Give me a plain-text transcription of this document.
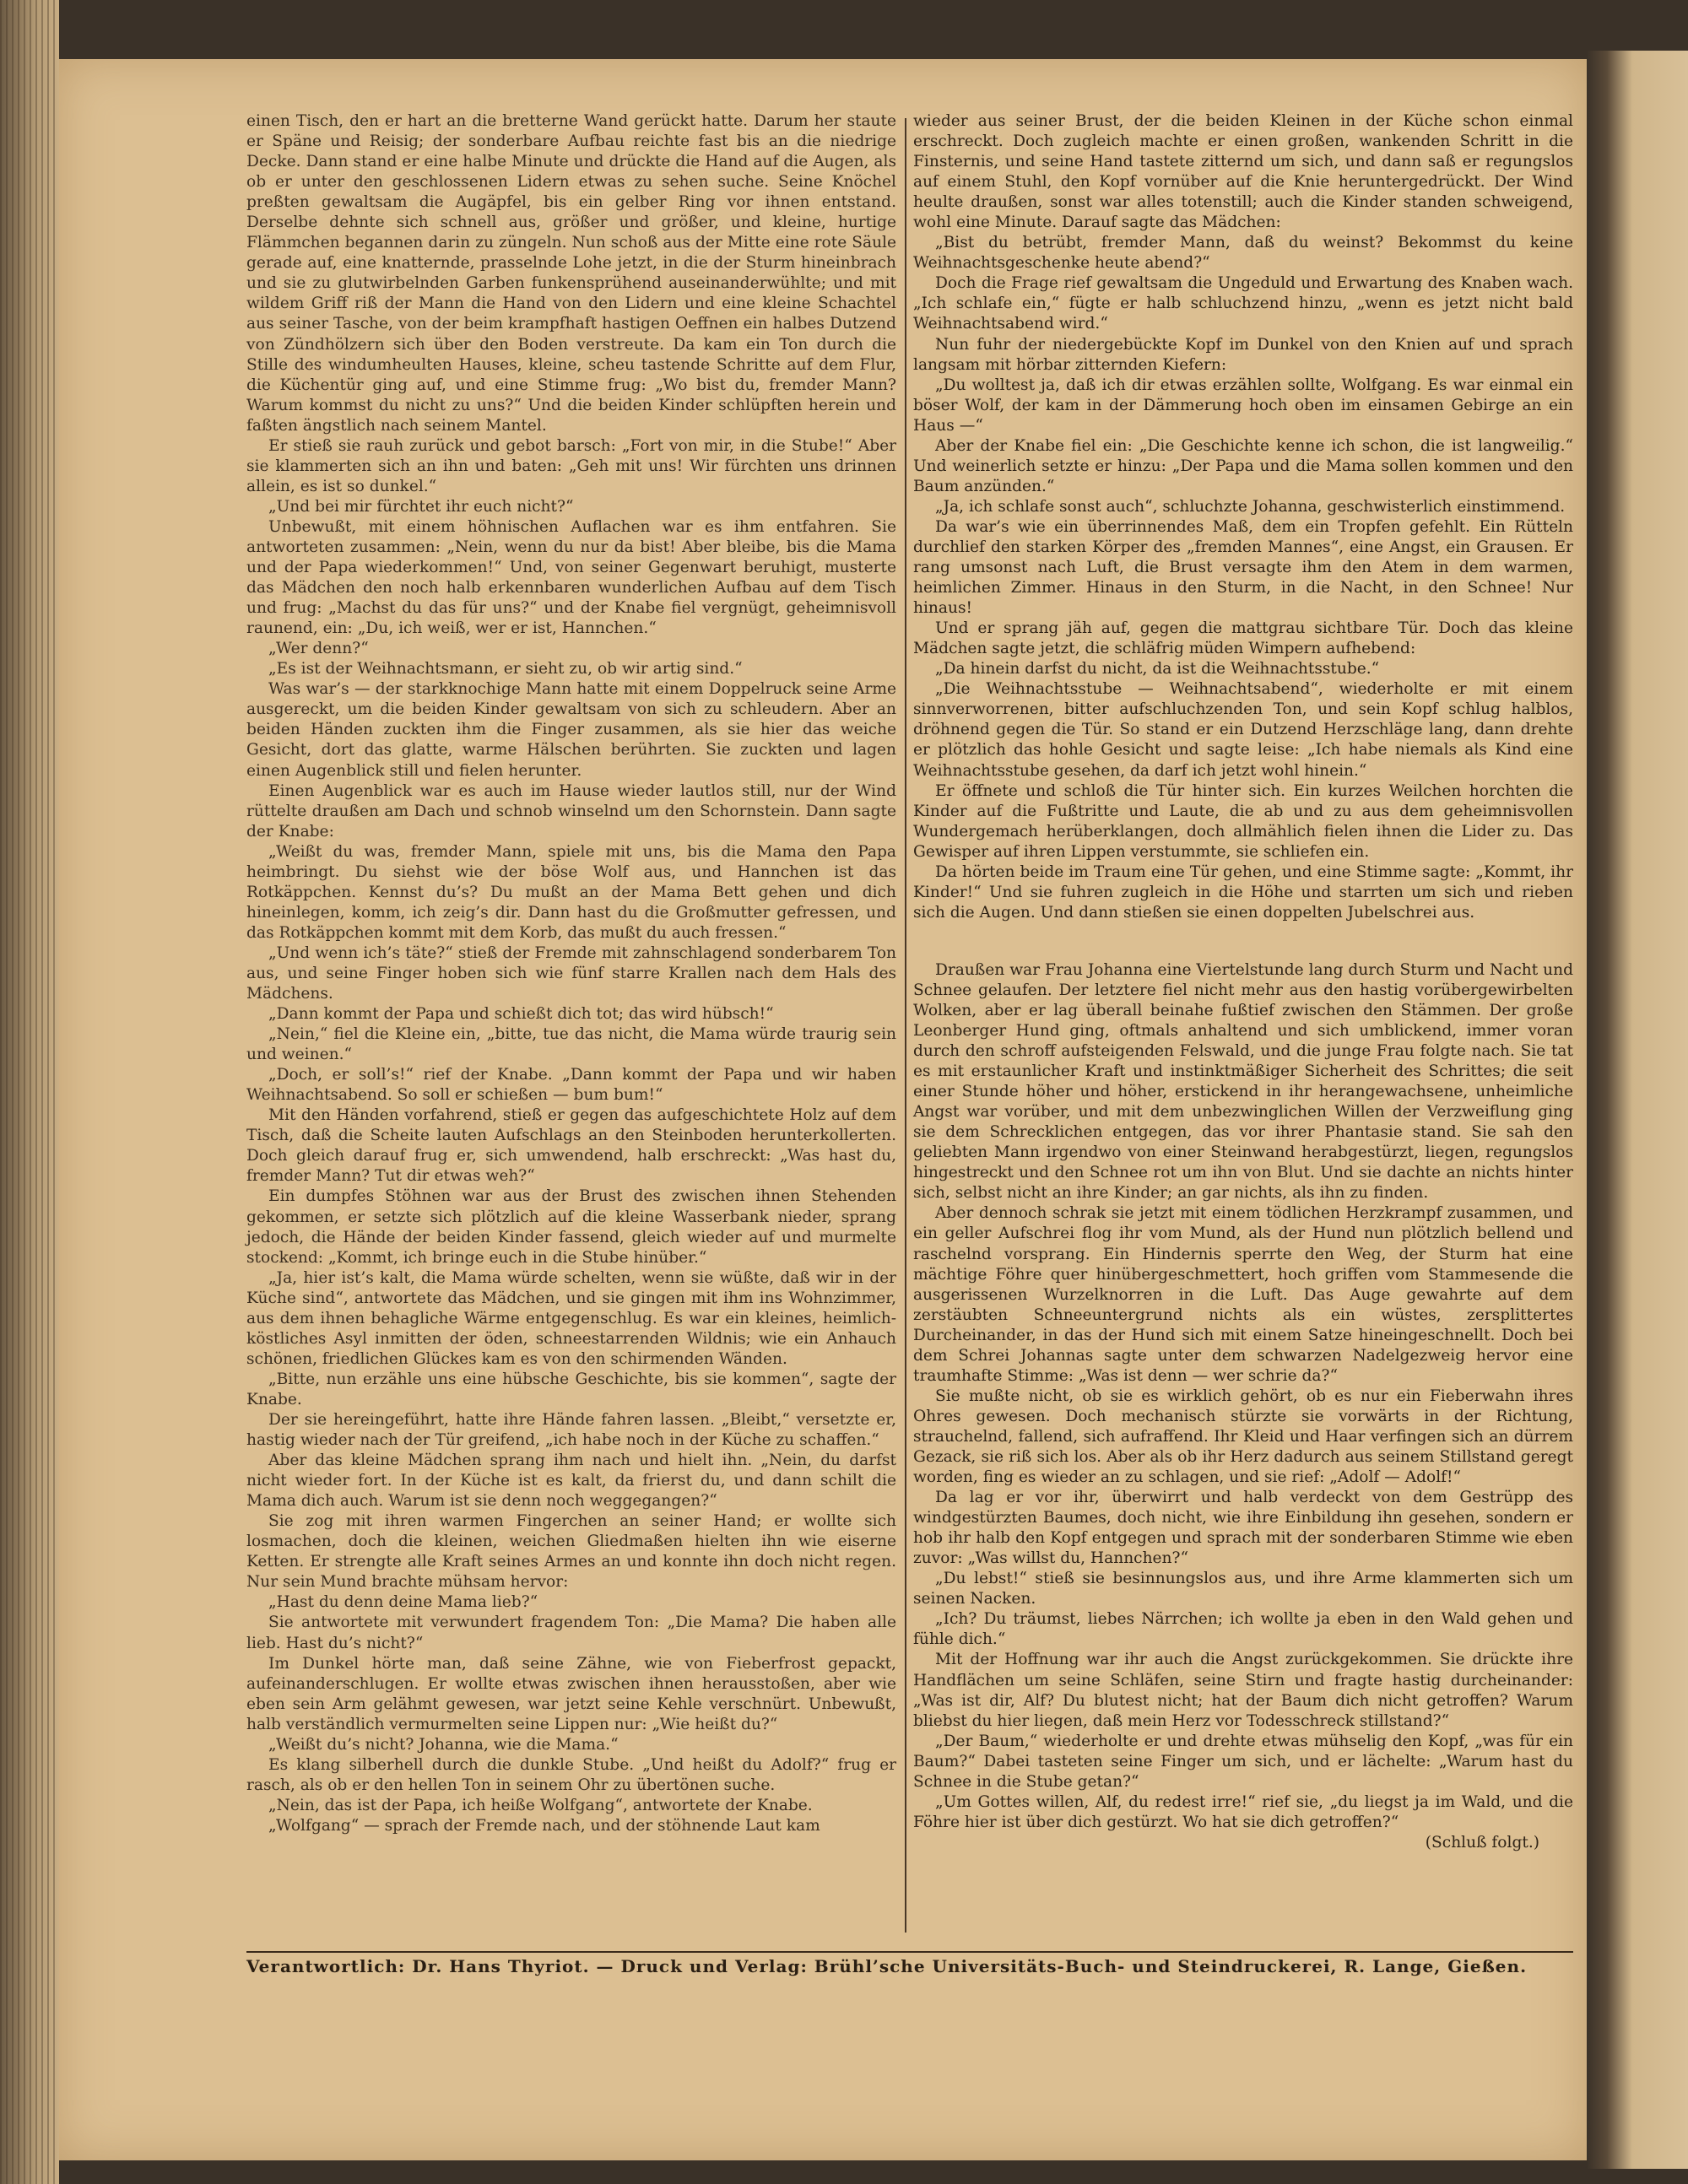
einen Tisch, den er hart an die bretterne Wand gerückt hatte. Darum her staute er Späne und Reisig; der sonderbare Aufbau reichte fast bis an die niedrige Decke. Dann stand er eine halbe Minute und drückte die Hand auf die Augen, als ob er unter den geschlossenen Lidern etwas zu sehen suche. Seine Knöchel preßten gewaltsam die Augäpfel, bis ein gelber Ring vor ihnen entstand. Derselbe dehnte sich schnell aus, größer und größer, und kleine, hurtige Flämmchen begannen darin zu züngeln. Nun schoß aus der Mitte eine rote Säule gerade auf, eine knatternde, prasselnde Lohe jetzt, in die der Sturm hineinbrach und sie zu glutwirbelnden Garben funkensprühend auseinanderwühlte; und mit wildem Griff riß der Mann die Hand von den Lidern und eine kleine Schachtel aus seiner Tasche, von der beim krampfhaft hastigen Oeffnen ein halbes Dutzend von Zündhölzern sich über den Boden verstreute. Da kam ein Ton durch die Stille des windumheulten Hauses, kleine, scheu tastende Schritte auf dem Flur, die Küchentür ging auf, und eine Stimme frug: „Wo bist du, fremder Mann? Warum kommst du nicht zu uns?“ Und die beiden Kinder schlüpften herein und faßten ängstlich nach seinem Mantel.

Er stieß sie rauh zurück und gebot barsch: „Fort von mir, in die Stube!“ Aber sie klammerten sich an ihn und baten: „Geh mit uns! Wir fürchten uns drinnen allein, es ist so dunkel.“

„Und bei mir fürchtet ihr euch nicht?“

Unbewußt, mit einem höhnischen Auflachen war es ihm entfahren. Sie antworteten zusammen: „Nein, wenn du nur da bist! Aber bleibe, bis die Mama und der Papa wiederkommen!“ Und, von seiner Gegenwart beruhigt, musterte das Mädchen den noch halb erkennbaren wunderlichen Aufbau auf dem Tisch und frug: „Machst du das für uns?“ und der Knabe fiel vergnügt, geheimnisvoll raunend, ein: „Du, ich weiß, wer er ist, Hannchen.“

„Wer denn?“

„Es ist der Weihnachtsmann, er sieht zu, ob wir artig sind.“

Was war’s — der starkknochige Mann hatte mit einem Doppelruck seine Arme ausgereckt, um die beiden Kinder gewaltsam von sich zu schleudern. Aber an beiden Händen zuckten ihm die Finger zusammen, als sie hier das weiche Gesicht, dort das glatte, warme Hälschen berührten. Sie zuckten und lagen einen Augenblick still und fielen herunter.

Einen Augenblick war es auch im Hause wieder lautlos still, nur der Wind rüttelte draußen am Dach und schnob winselnd um den Schornstein. Dann sagte der Knabe:

„Weißt du was, fremder Mann, spiele mit uns, bis die Mama den Papa heimbringt. Du siehst wie der böse Wolf aus, und Hannchen ist das Rotkäppchen. Kennst du’s? Du mußt an der Mama Bett gehen und dich hineinlegen, komm, ich zeig’s dir. Dann hast du die Großmutter gefressen, und das Rotkäppchen kommt mit dem Korb, das mußt du auch fressen.“

„Und wenn ich’s täte?“ stieß der Fremde mit zahnschlagend sonderbarem Ton aus, und seine Finger hoben sich wie fünf starre Krallen nach dem Hals des Mädchens.

„Dann kommt der Papa und schießt dich tot; das wird hübsch!“

„Nein,“ fiel die Kleine ein, „bitte, tue das nicht, die Mama würde traurig sein und weinen.“

„Doch, er soll’s!“ rief der Knabe. „Dann kommt der Papa und wir haben Weihnachtsabend. So soll er schießen — bum bum!“

Mit den Händen vorfahrend, stieß er gegen das aufgeschichtete Holz auf dem Tisch, daß die Scheite lauten Aufschlags an den Steinboden herunterkollerten. Doch gleich darauf frug er, sich umwendend, halb erschreckt: „Was hast du, fremder Mann? Tut dir etwas weh?“

Ein dumpfes Stöhnen war aus der Brust des zwischen ihnen Stehenden gekommen, er setzte sich plötzlich auf die kleine Wasserbank nieder, sprang jedoch, die Hände der beiden Kinder fassend, gleich wieder auf und murmelte stockend: „Kommt, ich bringe euch in die Stube hinüber.“

„Ja, hier ist’s kalt, die Mama würde schelten, wenn sie wüßte, daß wir in der Küche sind“, antwortete das Mädchen, und sie gingen mit ihm ins Wohnzimmer, aus dem ihnen behagliche Wärme entgegenschlug. Es war ein kleines, heimlich-köstliches Asyl inmitten der öden, schneestarrenden Wildnis; wie ein Anhauch schönen, friedlichen Glückes kam es von den schirmenden Wänden.

„Bitte, nun erzähle uns eine hübsche Geschichte, bis sie kommen“, sagte der Knabe.

Der sie hereingeführt, hatte ihre Hände fahren lassen. „Bleibt,“ versetzte er, hastig wieder nach der Tür greifend, „ich habe noch in der Küche zu schaffen.“

Aber das kleine Mädchen sprang ihm nach und hielt ihn. „Nein, du darfst nicht wieder fort. In der Küche ist es kalt, da frierst du, und dann schilt die Mama dich auch. Warum ist sie denn noch weggegangen?“

Sie zog mit ihren warmen Fingerchen an seiner Hand; er wollte sich losmachen, doch die kleinen, weichen Gliedmaßen hielten ihn wie eiserne Ketten. Er strengte alle Kraft seines Armes an und konnte ihn doch nicht regen. Nur sein Mund brachte mühsam hervor:

„Hast du denn deine Mama lieb?“

Sie antwortete mit verwundert fragendem Ton: „Die Mama? Die haben alle lieb. Hast du’s nicht?“

Im Dunkel hörte man, daß seine Zähne, wie von Fieberfrost gepackt, aufeinanderschlugen. Er wollte etwas zwischen ihnen herausstoßen, aber wie eben sein Arm gelähmt gewesen, war jetzt seine Kehle verschnürt. Unbewußt, halb verständlich vermurmelten seine Lippen nur: „Wie heißt du?“

„Weißt du’s nicht? Johanna, wie die Mama.“

Es klang silberhell durch die dunkle Stube. „Und heißt du Adolf?“ frug er rasch, als ob er den hellen Ton in seinem Ohr zu übertönen suche.

„Nein, das ist der Papa, ich heiße Wolfgang“, antwortete der Knabe.

„Wolfgang“ — sprach der Fremde nach, und der stöhnende Laut kam

wieder aus seiner Brust, der die beiden Kleinen in der Küche schon einmal erschreckt. Doch zugleich machte er einen großen, wankenden Schritt in die Finsternis, und seine Hand tastete zitternd um sich, und dann saß er regungslos auf einem Stuhl, den Kopf vornüber auf die Knie heruntergedrückt. Der Wind heulte draußen, sonst war alles totenstill; auch die Kinder standen schweigend, wohl eine Minute. Darauf sagte das Mädchen:

„Bist du betrübt, fremder Mann, daß du weinst? Bekommst du keine Weihnachtsgeschenke heute abend?“

Doch die Frage rief gewaltsam die Ungeduld und Erwartung des Knaben wach. „Ich schlafe ein,“ fügte er halb schluchzend hinzu, „wenn es jetzt nicht bald Weihnachtsabend wird.“

Nun fuhr der niedergebückte Kopf im Dunkel von den Knien auf und sprach langsam mit hörbar zitternden Kiefern:

„Du wolltest ja, daß ich dir etwas erzählen sollte, Wolfgang. Es war einmal ein böser Wolf, der kam in der Dämmerung hoch oben im einsamen Gebirge an ein Haus —“

Aber der Knabe fiel ein: „Die Geschichte kenne ich schon, die ist langweilig.“ Und weinerlich setzte er hinzu: „Der Papa und die Mama sollen kommen und den Baum anzünden.“

„Ja, ich schlafe sonst auch“, schluchzte Johanna, geschwisterlich einstimmend.

Da war’s wie ein überrinnendes Maß, dem ein Tropfen gefehlt. Ein Rütteln durchlief den starken Körper des „fremden Mannes“, eine Angst, ein Grausen. Er rang umsonst nach Luft, die Brust versagte ihm den Atem in dem warmen, heimlichen Zimmer. Hinaus in den Sturm, in die Nacht, in den Schnee! Nur hinaus!

Und er sprang jäh auf, gegen die mattgrau sichtbare Tür. Doch das kleine Mädchen sagte jetzt, die schläfrig müden Wimpern aufhebend:

„Da hinein darfst du nicht, da ist die Weihnachtsstube.“

„Die Weihnachtsstube — Weihnachtsabend“, wiederholte er mit einem sinnverworrenen, bitter aufschluchzenden Ton, und sein Kopf schlug halblos, dröhnend gegen die Tür. So stand er ein Dutzend Herzschläge lang, dann drehte er plötzlich das hohle Gesicht und sagte leise: „Ich habe niemals als Kind eine Weihnachtsstube gesehen, da darf ich jetzt wohl hinein.“

Er öffnete und schloß die Tür hinter sich. Ein kurzes Weilchen horchten die Kinder auf die Fußtritte und Laute, die ab und zu aus dem geheimnisvollen Wundergemach herüberklangen, doch allmählich fielen ihnen die Lider zu. Das Gewisper auf ihren Lippen verstummte, sie schliefen ein.

Da hörten beide im Traum eine Tür gehen, und eine Stimme sagte: „Kommt, ihr Kinder!“ Und sie fuhren zugleich in die Höhe und starrten um sich und rieben sich die Augen. Und dann stießen sie einen doppelten Jubelschrei aus.

Draußen war Frau Johanna eine Viertelstunde lang durch Sturm und Nacht und Schnee gelaufen. Der letztere fiel nicht mehr aus den hastig vorübergewirbelten Wolken, aber er lag überall beinahe fußtief zwischen den Stämmen. Der große Leonberger Hund ging, oftmals anhaltend und sich umblickend, immer voran durch den schroff aufsteigenden Felswald, und die junge Frau folgte nach. Sie tat es mit erstaunlicher Kraft und instinktmäßiger Sicherheit des Schrittes; die seit einer Stunde höher und höher, erstickend in ihr herangewachsene, unheimliche Angst war vorüber, und mit dem unbezwinglichen Willen der Verzweiflung ging sie dem Schrecklichen entgegen, das vor ihrer Phantasie stand. Sie sah den geliebten Mann irgendwo von einer Steinwand herabgestürzt, liegen, regungslos hingestreckt und den Schnee rot um ihn von Blut. Und sie dachte an nichts hinter sich, selbst nicht an ihre Kinder; an gar nichts, als ihn zu finden.

Aber dennoch schrak sie jetzt mit einem tödlichen Herzkrampf zusammen, und ein geller Aufschrei flog ihr vom Mund, als der Hund nun plötzlich bellend und raschelnd vorsprang. Ein Hindernis sperrte den Weg, der Sturm hat eine mächtige Föhre quer hinübergeschmettert, hoch griffen vom Stammesende die ausgerissenen Wurzelknorren in die Luft. Das Auge gewahrte auf dem zerstäubten Schneeuntergrund nichts als ein wüstes, zersplittertes Durcheinander, in das der Hund sich mit einem Satze hineingeschnellt. Doch bei dem Schrei Johannas sagte unter dem schwarzen Nadelgezweig hervor eine traumhafte Stimme: „Was ist denn — wer schrie da?“

Sie mußte nicht, ob sie es wirklich gehört, ob es nur ein Fieberwahn ihres Ohres gewesen. Doch mechanisch stürzte sie vorwärts in der Richtung, strauchelnd, fallend, sich aufraffend. Ihr Kleid und Haar verfingen sich an dürrem Gezack, sie riß sich los. Aber als ob ihr Herz dadurch aus seinem Stillstand geregt worden, fing es wieder an zu schlagen, und sie rief: „Adolf — Adolf!“

Da lag er vor ihr, überwirrt und halb verdeckt von dem Gestrüpp des windgestürzten Baumes, doch nicht, wie ihre Einbildung ihn gesehen, sondern er hob ihr halb den Kopf entgegen und sprach mit der sonderbaren Stimme wie eben zuvor: „Was willst du, Hannchen?“

„Du lebst!“ stieß sie besinnungslos aus, und ihre Arme klammerten sich um seinen Nacken.

„Ich? Du träumst, liebes Närrchen; ich wollte ja eben in den Wald gehen und fühle dich.“

Mit der Hoffnung war ihr auch die Angst zurückgekommen. Sie drückte ihre Handflächen um seine Schläfen, seine Stirn und fragte hastig durcheinander: „Was ist dir, Alf? Du blutest nicht; hat der Baum dich nicht getroffen? Warum bliebst du hier liegen, daß mein Herz vor Todesschreck stillstand?“

„Der Baum,“ wiederholte er und drehte etwas mühselig den Kopf, „was für ein Baum?“ Dabei tasteten seine Finger um sich, und er lächelte: „Warum hast du Schnee in die Stube getan?“

„Um Gottes willen, Alf, du redest irre!“ rief sie, „du liegst ja im Wald, und die Föhre hier ist über dich gestürzt. Wo hat sie dich getroffen?“

(Schluß folgt.)

Verantwortlich: Dr. Hans Thyriot. — Druck und Verlag: Brühl’sche Universitäts-Buch- und Steindruckerei, R. Lange, Gießen.
